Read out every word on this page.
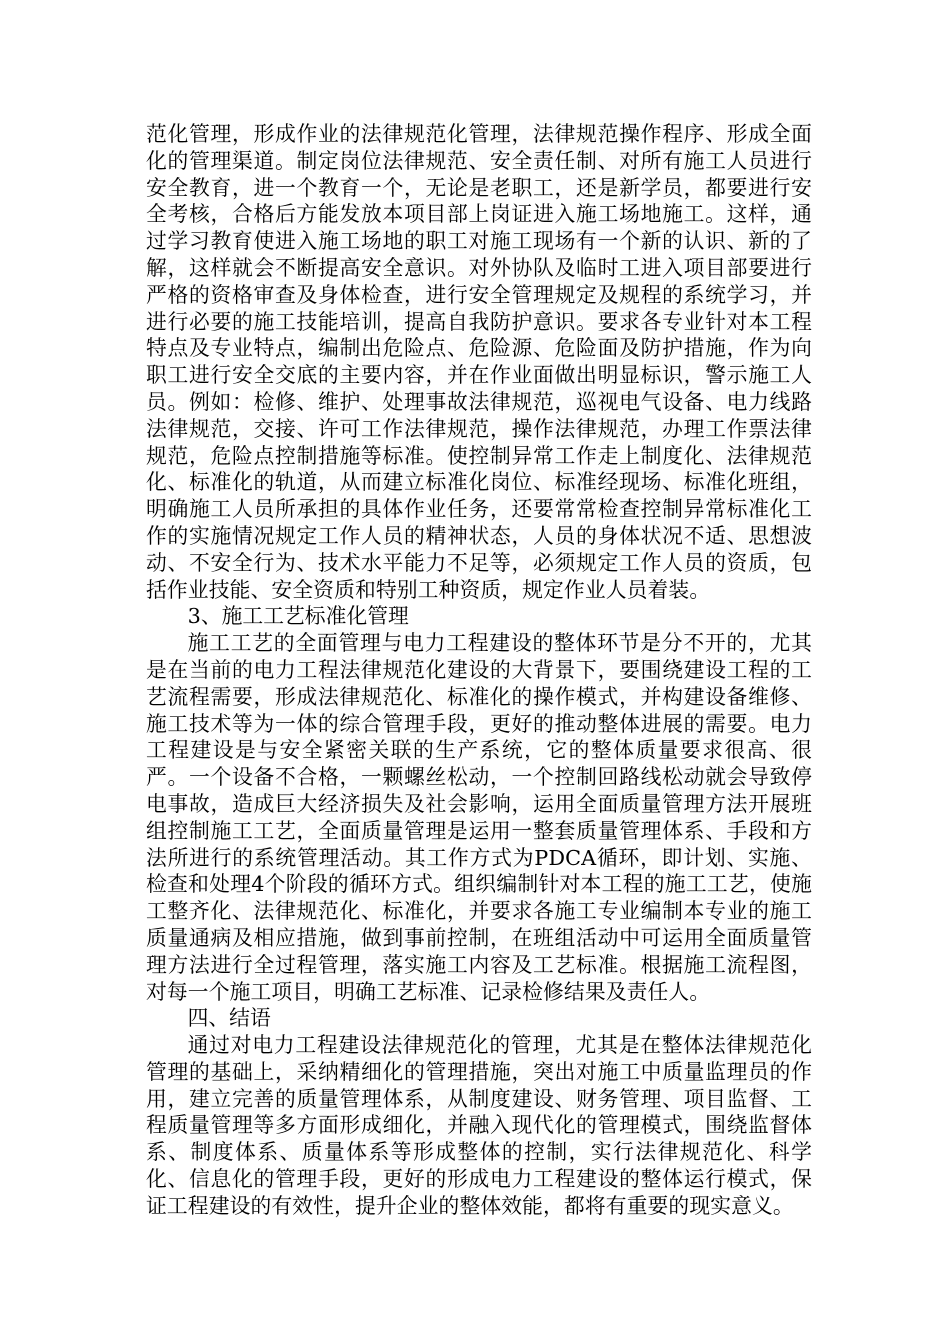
范化管理，形成作业的法律规范化管理，法律规范操作程序、形成全面化的管理渠道。制定岗位法律规范、安全责任制、对所有施工人员进行安全教育，进一个教育一个，无论是老职工，还是新学员，都要进行安全考核，合格后方能发放本项目部上岗证进入施工场地施工。这样，通过学习教育使进入施工场地的职工对施工现场有一个新的认识、新的了解，这样就会不断提高安全意识。对外协队及临时工进入项目部要进行严格的资格审查及身体检查，进行安全管理规定及规程的系统学习，并进行必要的施工技能培训，提高自我防护意识。要求各专业针对本工程特点及专业特点，编制出危险点、危险源、危险面及防护措施，作为向职工进行安全交底的主要内容，并在作业面做出明显标识，警示施工人员。例如：检修、维护、处理事故法律规范，巡视电气设备、电力线路法律规范，交接、许可工作法律规范，操作法律规范，办理工作票法律规范，危险点控制措施等标准。使控制异常工作走上制度化、法律规范化、标准化的轨道，从而建立标准化岗位、标准经现场、标准化班组，明确施工人员所承担的具体作业任务，还要常常检查控制异常标准化工作的实施情况规定工作人员的精神状态，人员的身体状况不适、思想波动、不安全行为、技术水平能力不足等，必须规定工作人员的资质，包括作业技能、安全资质和特别工种资质，规定作业人员着装。

3、施工工艺标准化管理

施工工艺的全面管理与电力工程建设的整体环节是分不开的，尤其是在当前的电力工程法律规范化建设的大背景下，要围绕建设工程的工艺流程需要，形成法律规范化、标准化的操作模式，并构建设备维修、施工技术等为一体的综合管理手段，更好的推动整体进展的需要。电力工程建设是与安全紧密关联的生产系统，它的整体质量要求很高、很严。一个设备不合格，一颗螺丝松动，一个控制回路线松动就会导致停电事故，造成巨大经济损失及社会影响，运用全面质量管理方法开展班组控制施工工艺，全面质量管理是运用一整套质量管理体系、手段和方法所进行的系统管理活动。其工作方式为PDCA循环，即计划、实施、检查和处理4个阶段的循环方式。组织编制针对本工程的施工工艺，使施工整齐化、法律规范化、标准化，并要求各施工专业编制本专业的施工质量通病及相应措施，做到事前控制，在班组活动中可运用全面质量管理方法进行全过程管理，落实施工内容及工艺标准。根据施工流程图，对每一个施工项目，明确工艺标准、记录检修结果及责任人。

四、结语

通过对电力工程建设法律规范化的管理，尤其是在整体法律规范化管理的基础上，采纳精细化的管理措施，突出对施工中质量监理员的作用，建立完善的质量管理体系，从制度建设、财务管理、项目监督、工程质量管理等多方面形成细化，并融入现代化的管理模式，围绕监督体系、制度体系、质量体系等形成整体的控制，实行法律规范化、科学化、信息化的管理手段，更好的形成电力工程建设的整体运行模式，保证工程建设的有效性，提升企业的整体效能，都将有重要的现实意义。
